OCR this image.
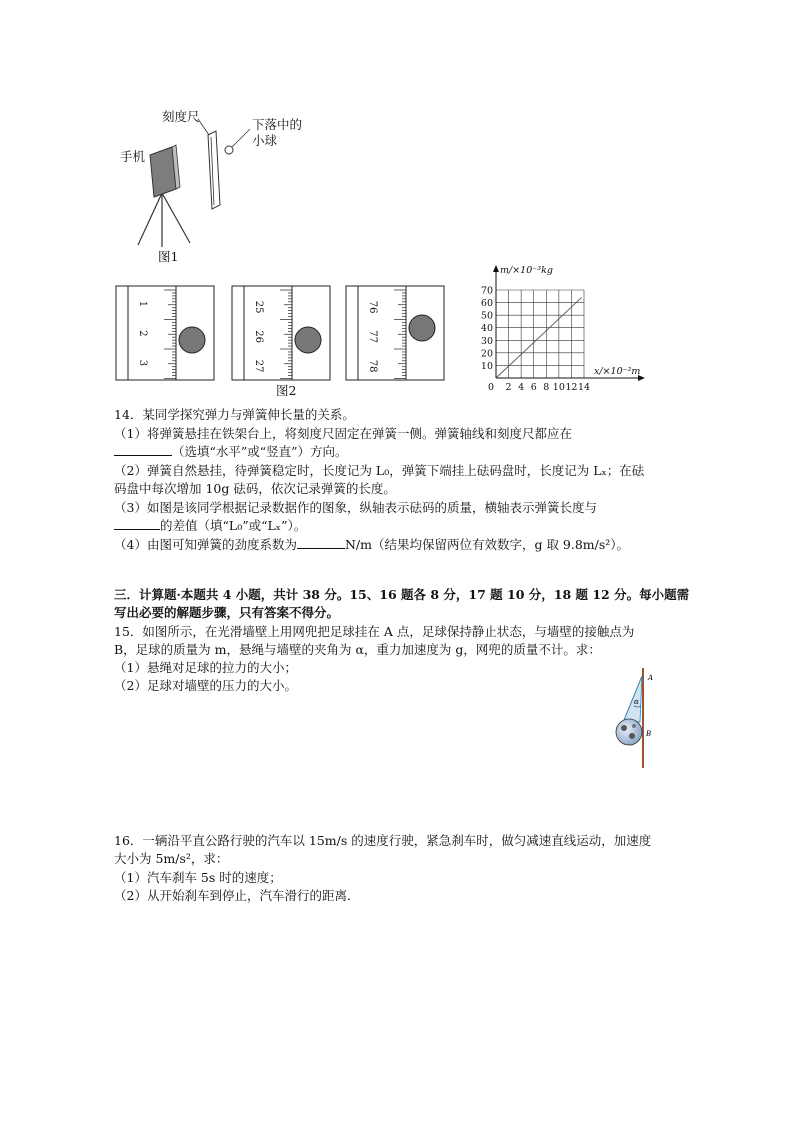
刻度尺
下落中的
小球
手机
图1
1
2
3
25
26
27
76
77
78
图2
10
20
30
40
50
60
70
2 4 6 8 10 12 14
0
m/×10⁻³kg
x/×10⁻²m
14．某同学探究弹力与弹簧伸长量的关系。
（1）将弹簧悬挂在铁架台上，将刻度尺固定在弹簧一侧。弹簧轴线和刻度尺都应在
（选填“水平”或“竖直”）方向。
（2）弹簧自然悬挂，待弹簧稳定时，长度记为 L₀，弹簧下端挂上砝码盘时，长度记为 Lₓ；在砝
码盘中每次增加 10g 砝码，依次记录弹簧的长度。
（3）如图是该同学根据记录数据作的图象，纵轴表示砝码的质量，横轴表示弹簧长度与
的差值（填“L₀”或“Lₓ”）。
（4）由图可知弹簧的劲度系数为	N/m（结果均保留两位有效数字，g 取 9.8m/s²）。
三．计算题·本题共 4 小题，共计 38 分。15、16 题各 8 分，17 题 10 分，18 题 12 分。每小题需
写出必要的解题步骤，只有答案不得分。
15．如图所示，在光滑墙壁上用网兜把足球挂在 A 点，足球保持静止状态，与墙壁的接触点为
B，足球的质量为 m，悬绳与墙壁的夹角为 α，重力加速度为 g，网兜的质量不计。求：
（1）悬绳对足球的拉力的大小；
（2）足球对墙壁的压力的大小。	A
B
α
16．一辆沿平直公路行驶的汽车以 15m/s 的速度行驶，紧急刹车时，做匀减速直线运动，加速度
大小为 5m/s²，求：
（1）汽车刹车 5s 时的速度；
（2）从开始刹车到停止，汽车滑行的距离．
